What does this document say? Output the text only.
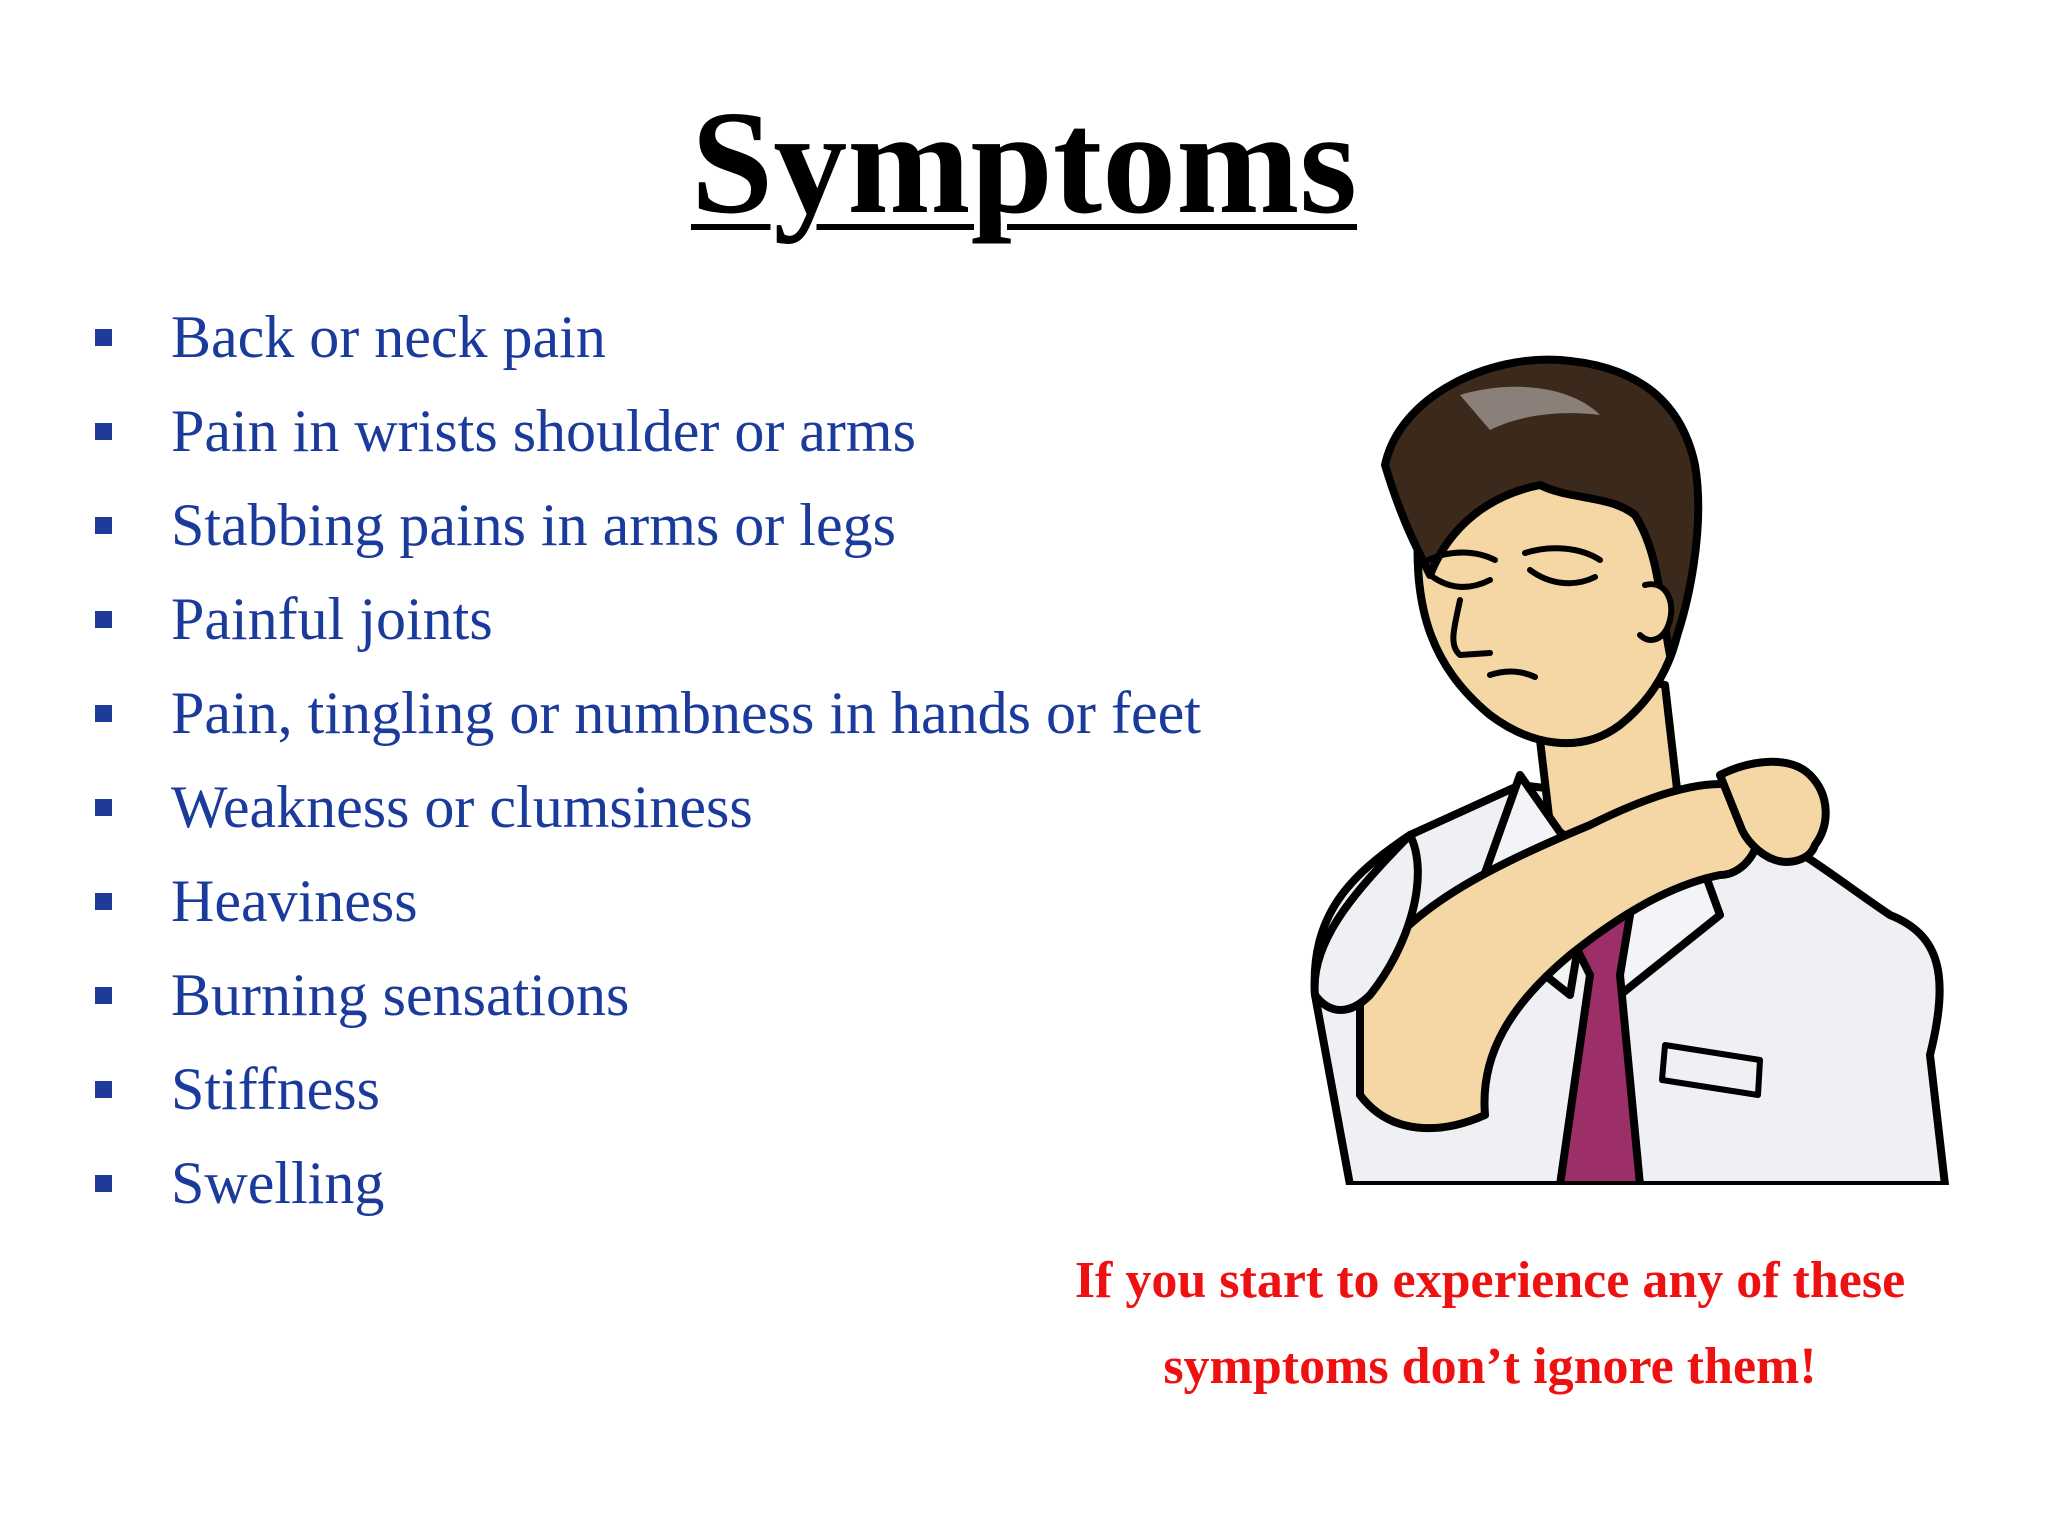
Symptoms
Back or neck pain
Pain in wrists shoulder or arms
Stabbing pains in arms or legs
Painful joints
Pain, tingling or numbness in hands or feet
Weakness or clumsiness
Heaviness
Burning sensations
Stiffness
Swelling
If you start to experience any of these
symptoms don’t ignore them!
